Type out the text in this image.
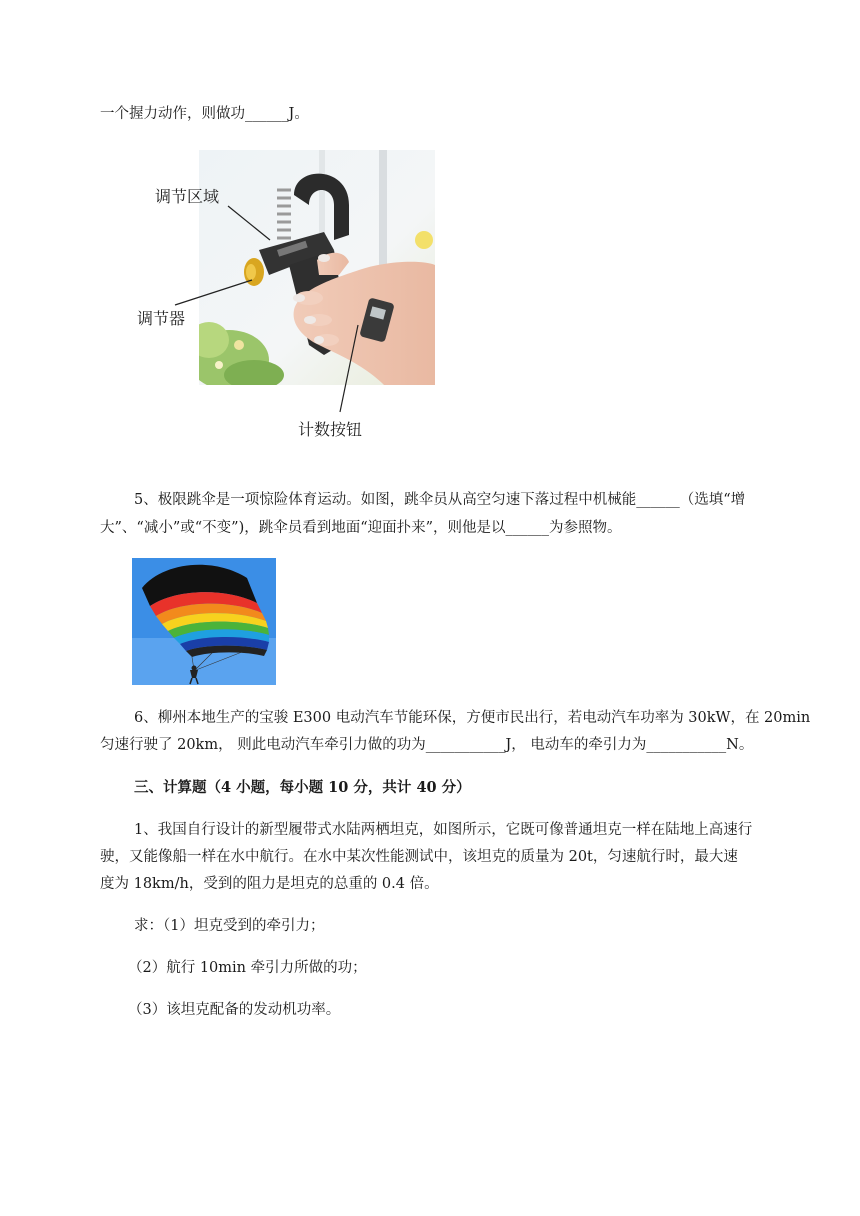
一个握力动作，则做功______J。
调节区域
调节器
计数按钮
5、极限跳伞是一项惊险体育运动。如图，跳伞员从高空匀速下落过程中机械能______（选填“增
大”、“减小”或“不变”)，跳伞员看到地面“迎面扑来”，则他是以______为参照物。
6、柳州本地生产的宝骏 E300 电动汽车节能环保，方便市民出行，若电动汽车功率为 30kW，在 20min
匀速行驶了 20km， 则此电动汽车牵引力做的功为___________J， 电动车的牵引力为___________N。
三、计算题（4 小题，每小题 10 分，共计 40 分）
1、我国自行设计的新型履带式水陆两栖坦克，如图所示，它既可像普通坦克一样在陆地上高速行
驶，又能像船一样在水中航行。在水中某次性能测试中，该坦克的质量为 20t，匀速航行时，最大速
度为 18km/h，受到的阻力是坦克的总重的 0.4 倍。
求：（1）坦克受到的牵引力；
（2）航行 10min 牵引力所做的功；
（3）该坦克配备的发动机功率。
